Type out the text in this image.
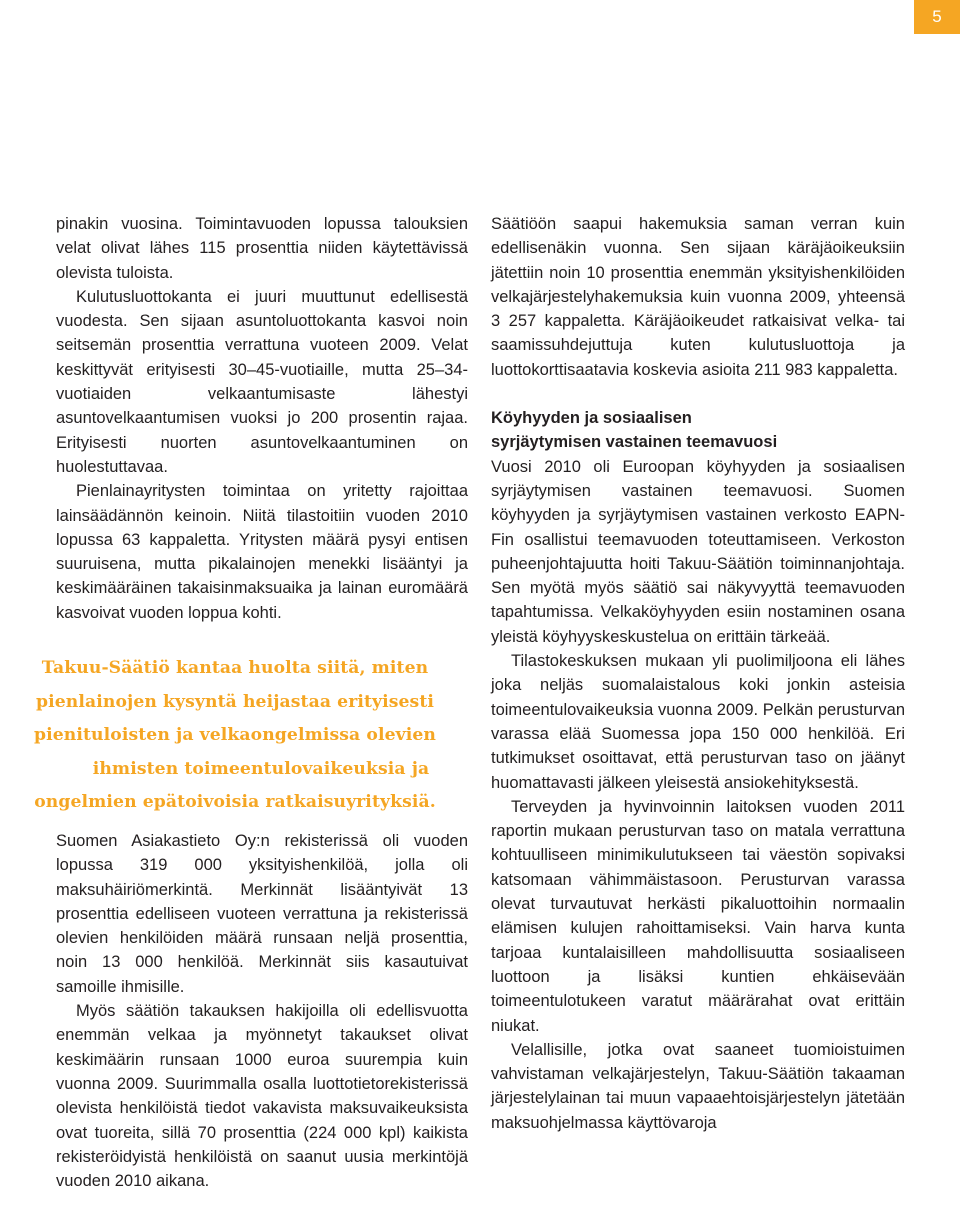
5

pinakin vuosina. Toimintavuoden lopussa talouksien velat olivat lähes 115 prosenttia niiden käytettävissä olevista tuloista.

Kulutusluottokanta ei juuri muuttunut edellisestä vuodesta. Sen sijaan asuntoluottokanta kasvoi noin seitsemän prosenttia verrattuna vuoteen 2009. Velat keskittyvät erityisesti 30–45-vuotiaille, mutta 25–34-vuotiaiden velkaantumisaste lähestyi asuntovelkaantumisen vuoksi jo 200 prosentin rajaa. Erityisesti nuorten asuntovelkaantuminen on huolestuttavaa.

Pienlainayritysten toimintaa on yritetty rajoittaa lainsäädännön keinoin. Niitä tilastoitiin vuoden 2010 lopussa 63 kappaletta. Yritysten määrä pysyi entisen suuruisena, mutta pikalainojen menekki lisääntyi ja keskimääräinen takaisinmaksuaika ja lainan euromäärä kasvoivat vuoden loppua kohti.

Takuu-Säätiö kantaa huolta siitä, miten
pienlainojen kysyntä heijastaa erityisesti
pienituloisten ja velkaongelmissa olevien
ihmisten toimeentulovaikeuksia ja
ongelmien epätoivoisia ratkaisuyrityksiä.

Suomen Asiakastieto Oy:n rekisterissä oli vuoden lopussa 319 000 yksityishenkilöä, jolla oli maksuhäiriömerkintä. Merkinnät lisääntyivät 13 prosenttia edelliseen vuoteen verrattuna ja rekisterissä olevien henkilöiden määrä runsaan neljä prosenttia, noin 13 000 henkilöä. Merkinnät siis kasautuivat samoille ihmisille.

Myös säätiön takauksen hakijoilla oli edellisvuotta enemmän velkaa ja myönnetyt takaukset olivat keskimäärin runsaan 1000 euroa suurempia kuin vuonna 2009. Suurimmalla osalla luottotietorekisterissä olevista henkilöistä tiedot vakavista maksuvaikeuksista ovat tuoreita, sillä 70 prosenttia (224 000 kpl) kaikista rekisteröidyistä henkilöistä on saanut uusia merkintöjä vuoden 2010 aikana.

Säätiöön saapui hakemuksia saman verran kuin edellisenäkin vuonna. Sen sijaan käräjäoikeuksiin jätettiin noin 10 prosenttia enemmän yksityishenkilöiden velkajärjestelyhakemuksia kuin vuonna 2009, yhteensä 3 257 kappaletta. Käräjäoikeudet ratkaisivat velka- tai saamissuhdejuttuja kuten kulutusluottoja ja luottokorttisaatavia koskevia asioita 211 983 kappaletta.

Köyhyyden ja sosiaalisen
syrjäytymisen vastainen teemavuosi

Vuosi 2010 oli Euroopan köyhyyden ja sosiaalisen syrjäytymisen vastainen teemavuosi. Suomen köyhyyden ja syrjäytymisen vastainen verkosto EAPN-Fin osallistui teemavuoden toteuttamiseen. Verkoston puheenjohtajuutta hoiti Takuu-Säätiön toiminnanjohtaja. Sen myötä myös säätiö sai näkyvyyttä teemavuoden tapahtumissa. Velkaköyhyyden esiin nostaminen osana yleistä köyhyyskeskustelua on erittäin tärkeää.

Tilastokeskuksen mukaan yli puolimiljoona eli lähes joka neljäs suomalaistalous koki jonkin asteisia toimeentulovaikeuksia vuonna 2009. Pelkän perusturvan varassa elää Suomessa jopa 150 000 henkilöä. Eri tutkimukset osoittavat, että perusturvan taso on jäänyt huomattavasti jälkeen yleisestä ansiokehityksestä.

Terveyden ja hyvinvoinnin laitoksen vuoden 2011 raportin mukaan perusturvan taso on matala verrattuna kohtuulliseen minimikulutukseen tai väestön sopivaksi katsomaan vähimmäistasoon. Perusturvan varassa olevat turvautuvat herkästi pikaluottoihin normaalin elämisen kulujen rahoittamiseksi. Vain harva kunta tarjoaa kuntalaisilleen mahdollisuutta sosiaaliseen luottoon ja lisäksi kuntien ehkäisevään toimeentulotukeen varatut määrärahat ovat erittäin niukat.

Velallisille, jotka ovat saaneet tuomioistuimen vahvistaman velkajärjestelyn, Takuu-Säätiön takaaman järjestelylainan tai muun vapaaehtoisjärjestelyn jätetään maksuohjelmassa käyttövaroja
